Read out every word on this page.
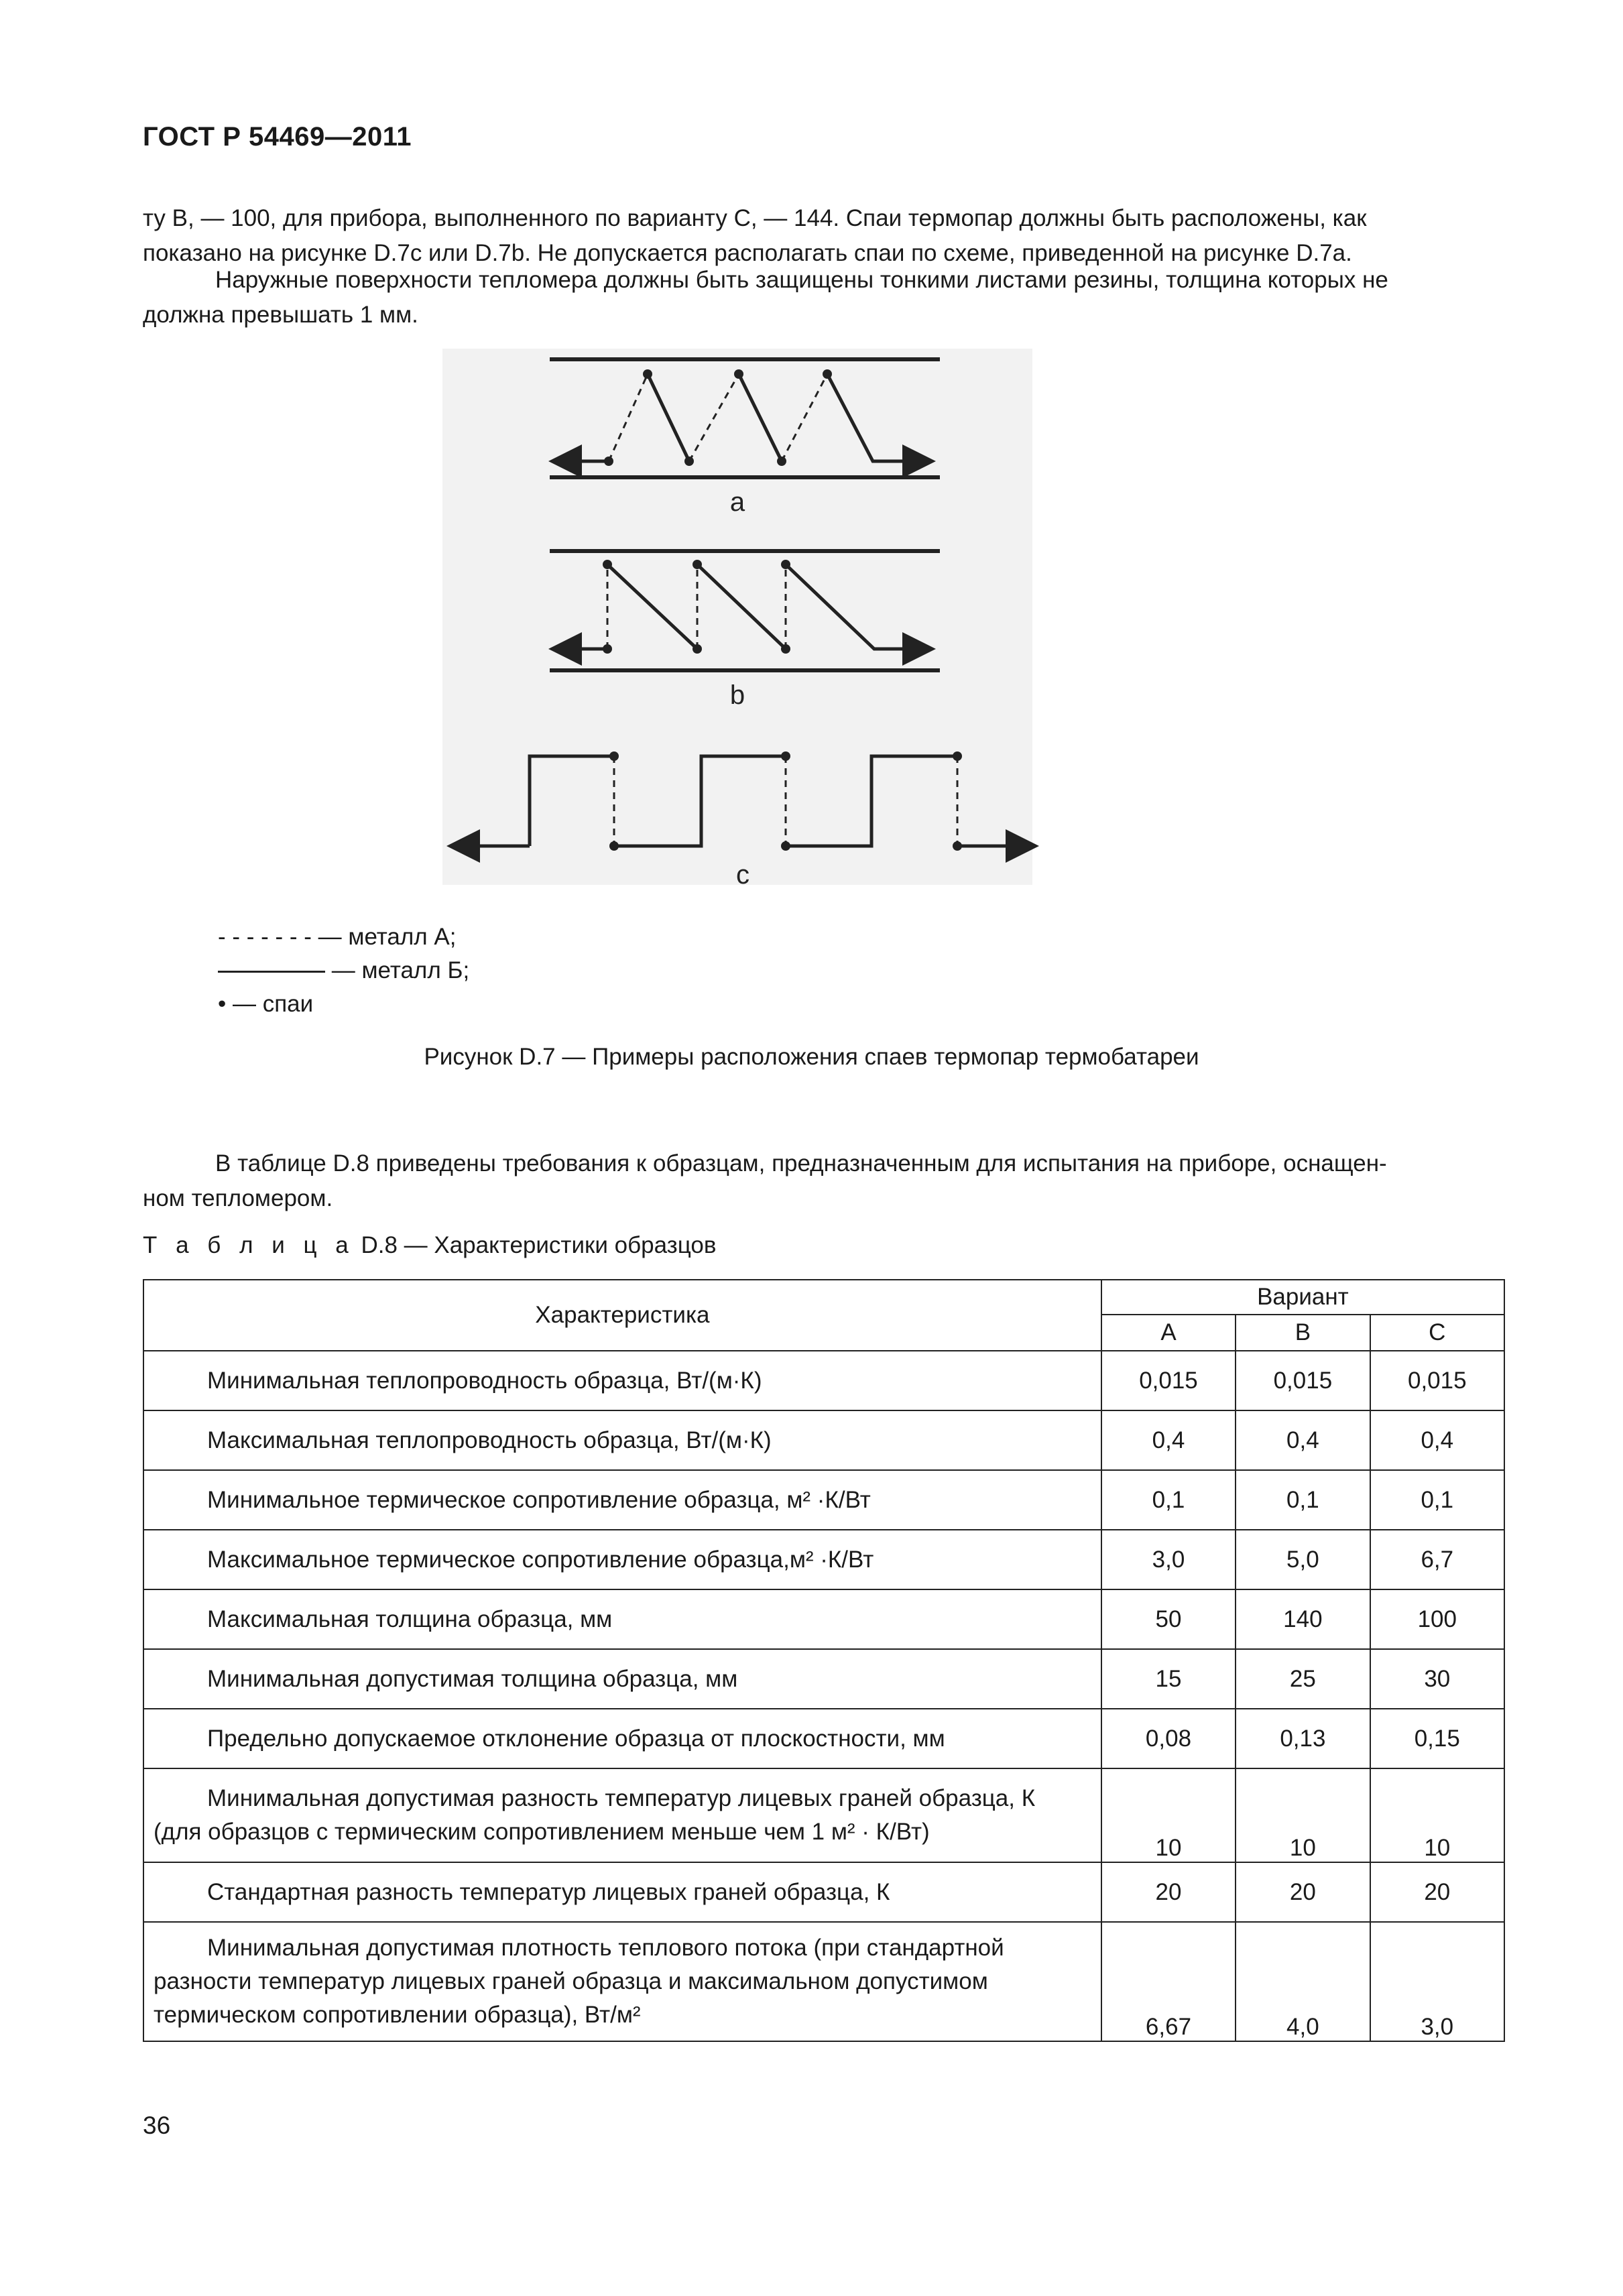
ГОСТ Р 54469—2011
ту В, — 100, для прибора, выполненного по варианту С, — 144. Спаи термопар должны быть расположены, как
показано на рисунке D.7c или D.7b. Не допускается располагать спаи по схеме, приведенной на рисунке D.7а.
Наружные поверхности тепломера должны быть защищены тонкими листами резины, толщина которых не
должна превышать 1 мм.
a
b
c
- - - - - - - — металл А;
— металл Б;
• — спаи
Рисунок D.7 — Примеры расположения спаев термопар термобатареи
В таблице D.8 приведены требования к образцам, предназначенным для испытания на приборе, оснащен-
ном тепломером.
Т а б л и ц а D.8 — Характеристики образцов
Характеристика	Вариант		
	А	В	С

Минимальная теплопроводность образца, Вт/(м·К)	0,015	0,015	0,015

Максимальная теплопроводность образца, Вт/(м·К)	0,4	0,4	0,4

Минимальное термическое сопротивление образца, м² ·К/Вт	0,1	0,1	0,1

Максимальное термическое сопротивление образца,м² ·К/Вт	3,0	5,0	6,7

Максимальная толщина образца, мм	50	140	100

Минимальная допустимая толщина образца, мм	15	25	30

Предельно допускаемое отклонение образца от плоскостности, мм	0,08	0,13	0,15

Минимальная допустимая разность температур лицевых граней образца, К
(для образцов с термическим сопротивлением меньше чем 1 м² · К/Вт)	10	10	10

Стандартная разность температур лицевых граней образца, К	20	20	20

Минимальная допустимая плотность теплового потока (при стандартной
разности температур лицевых граней образца и максимальном допустимом
термическом сопротивлении образца), Вт/м²	6,67	4,0	3,0
36
